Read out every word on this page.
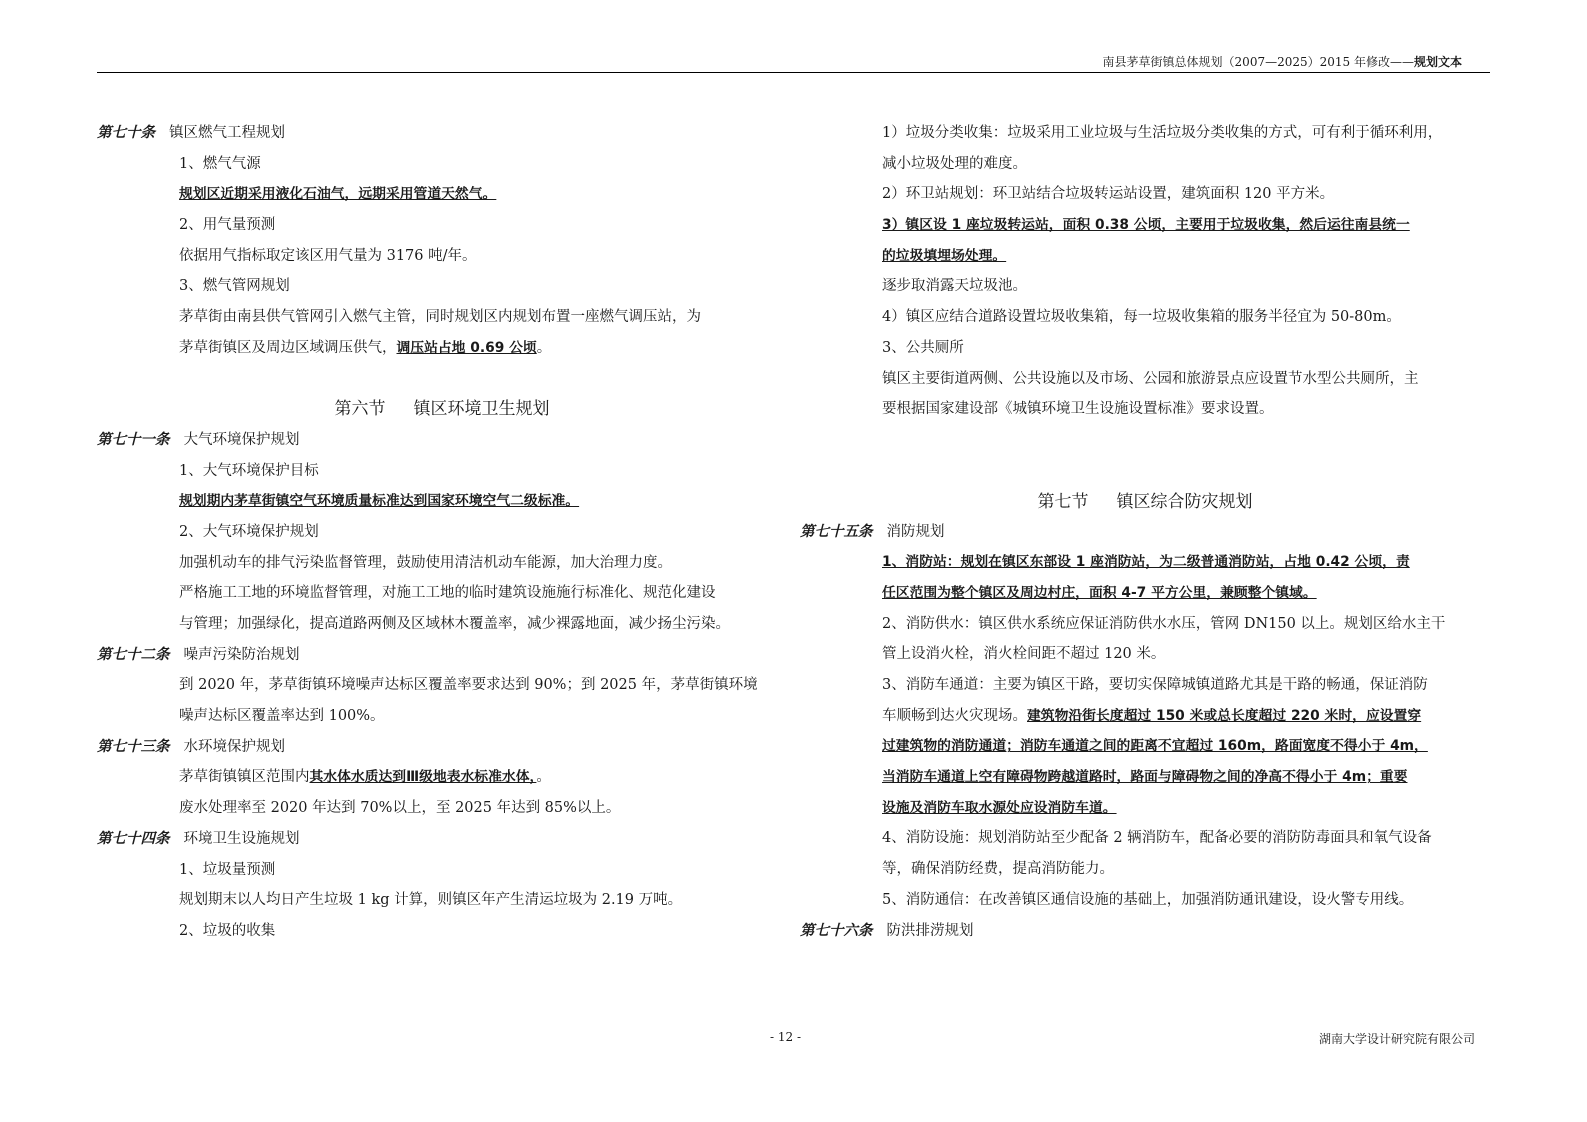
南县茅草街镇总体规划（2007—2025）2015 年修改——规划文本
第七十条 镇区燃气工程规划
1、燃气气源
规划区近期采用液化石油气，远期采用管道天然气。
2、用气量预测
依据用气指标取定该区用气量为 3176 吨/年。
3、燃气管网规划
茅草街由南县供气管网引入燃气主管，同时规划区内规划布置一座燃气调压站，为
茅草街镇区及周边区域调压供气，调压站占地 0.69 公顷。
第六节 镇区环境卫生规划
第七十一条 大气环境保护规划
1、大气环境保护目标
规划期内茅草街镇空气环境质量标准达到国家环境空气二级标准。
2、大气环境保护规划
加强机动车的排气污染监督管理，鼓励使用清洁机动车能源，加大治理力度。
严格施工工地的环境监督管理，对施工工地的临时建筑设施施行标准化、规范化建设
与管理；加强绿化，提高道路两侧及区域林木覆盖率，减少裸露地面，减少扬尘污染。
第七十二条 噪声污染防治规划
到 2020 年，茅草街镇环境噪声达标区覆盖率要求达到 90%；到 2025 年，茅草街镇环境
噪声达标区覆盖率达到 100%。
第七十三条 水环境保护规划
茅草街镇镇区范围内其水体水质达到Ⅲ级地表水标准水体，。
废水处理率至 2020 年达到 70%以上，至 2025 年达到 85%以上。
第七十四条 环境卫生设施规划
1、垃圾量预测
规划期末以人均日产生垃圾 1 kg 计算，则镇区年产生清运垃圾为 2.19 万吨。
2、垃圾的收集
1）垃圾分类收集：垃圾采用工业垃圾与生活垃圾分类收集的方式，可有利于循环利用，
减小垃圾处理的难度。
2）环卫站规划：环卫站结合垃圾转运站设置，建筑面积 120 平方米。
3）镇区设 1 座垃圾转运站，面积 0.38 公顷，主要用于垃圾收集，然后运往南县统一
的垃圾填埋场处理。
逐步取消露天垃圾池。
4）镇区应结合道路设置垃圾收集箱，每一垃圾收集箱的服务半径宜为 50-80m。
3、公共厕所
镇区主要街道两侧、公共设施以及市场、公园和旅游景点应设置节水型公共厕所，主
要根据国家建设部《城镇环境卫生设施设置标准》要求设置。
第七节 镇区综合防灾规划
第七十五条 消防规划
1、消防站：规划在镇区东部设 1 座消防站，为二级普通消防站，占地 0.42 公顷，责
任区范围为整个镇区及周边村庄，面积 4-7 平方公里，兼顾整个镇域。
2、消防供水：镇区供水系统应保证消防供水水压，管网 DN150 以上。规划区给水主干
管上设消火栓，消火栓间距不超过 120 米。
3、消防车通道：主要为镇区干路，要切实保障城镇道路尤其是干路的畅通，保证消防
车顺畅到达火灾现场。建筑物沿街长度超过 150 米或总长度超过 220 米时，应设置穿
过建筑物的消防通道；消防车通道之间的距离不宜超过 160m，路面宽度不得小于 4m，
当消防车通道上空有障碍物跨越道路时，路面与障碍物之间的净高不得小于 4m；重要
设施及消防车取水源处应设消防车道。
4、消防设施：规划消防站至少配备 2 辆消防车，配备必要的消防防毒面具和氧气设备
等，确保消防经费，提高消防能力。
5、消防通信：在改善镇区通信设施的基础上，加强消防通讯建设，设火警专用线。
第七十六条 防洪排涝规划
- 12 -	湖南大学设计研究院有限公司
